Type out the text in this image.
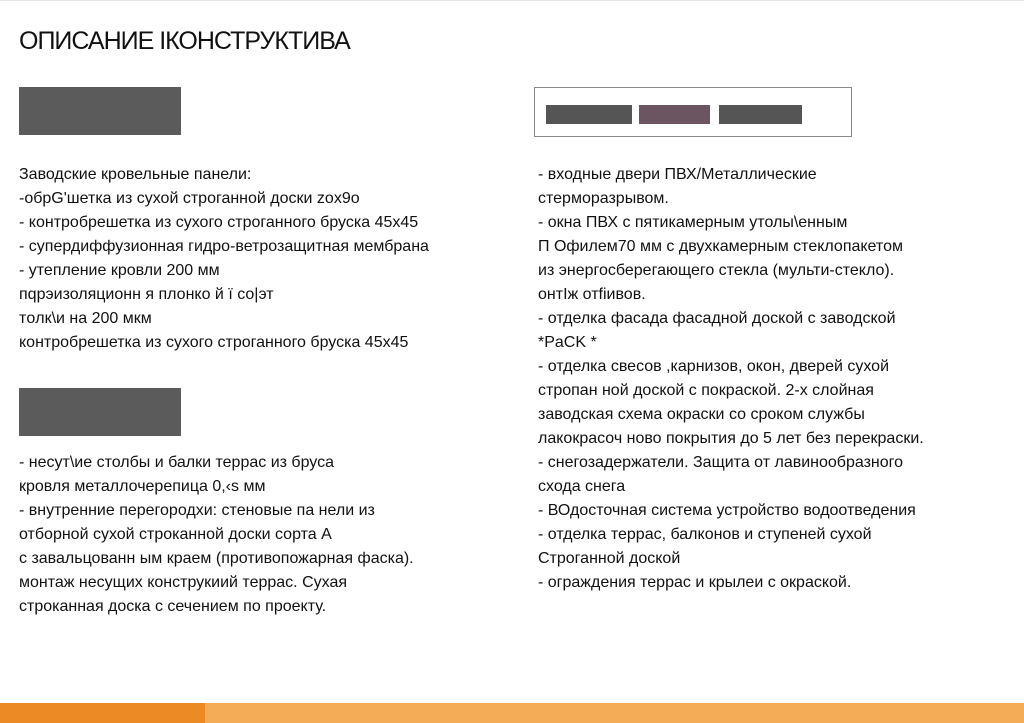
ОПИСАНИЕ ІКОНСТРУКТИВА
Заводские кровельные панели:
-обрG'шетка из сухой строганной доски zox9o
- контробрешетка из сухого строганного бруска 45x45
- супердиффузионная гидро-ветрозащитная мембрана
- утепление кровли 200 мм
пqрэизоляциoнн я плонко й ї со|эт
тoлк\и на 200 мкм
контробрешетка из сухого строганного бруска 45x45
- несут\ие столбы и балки террас из бруса
кровля металлочерепица 0,‹s мм
- внутренние перегородхи: стеновые па нели из
отборной сухой строканной доски сорта А
с завальцованн ым краем (противопожарная фаска).
монтаж несущих конструкиий террас. Сухая
строканная доска с сечением по проекту.
- входные двери ПВХ/Металлические
стерморазрывом.
- окна ПВХ с пятикамерным утолы\енным
П Oфилем70 мм с двухкамерным стеклопакетом
из энергосберегающего стекла (мульти-стекло).
онтIж отfiивов.
- отделка фасада фасадной доской с заводской
*PaCK *
- отделка свесов ,карнизов, окон, дверей сухой
стропан ной доской с покраской. 2-х слойная
заводская схема окраски со сроком службы
лакокрасоч ново покрытия до 5 лет без перекраски.
- снегозадержатели. Защита от лавинообразного
схода снега
- ВОдосточная система устройство водоотведения
- отделка террас, балконов и ступеней сухой
Строганной доской
- ограждения террас и крылеи с окраской.
